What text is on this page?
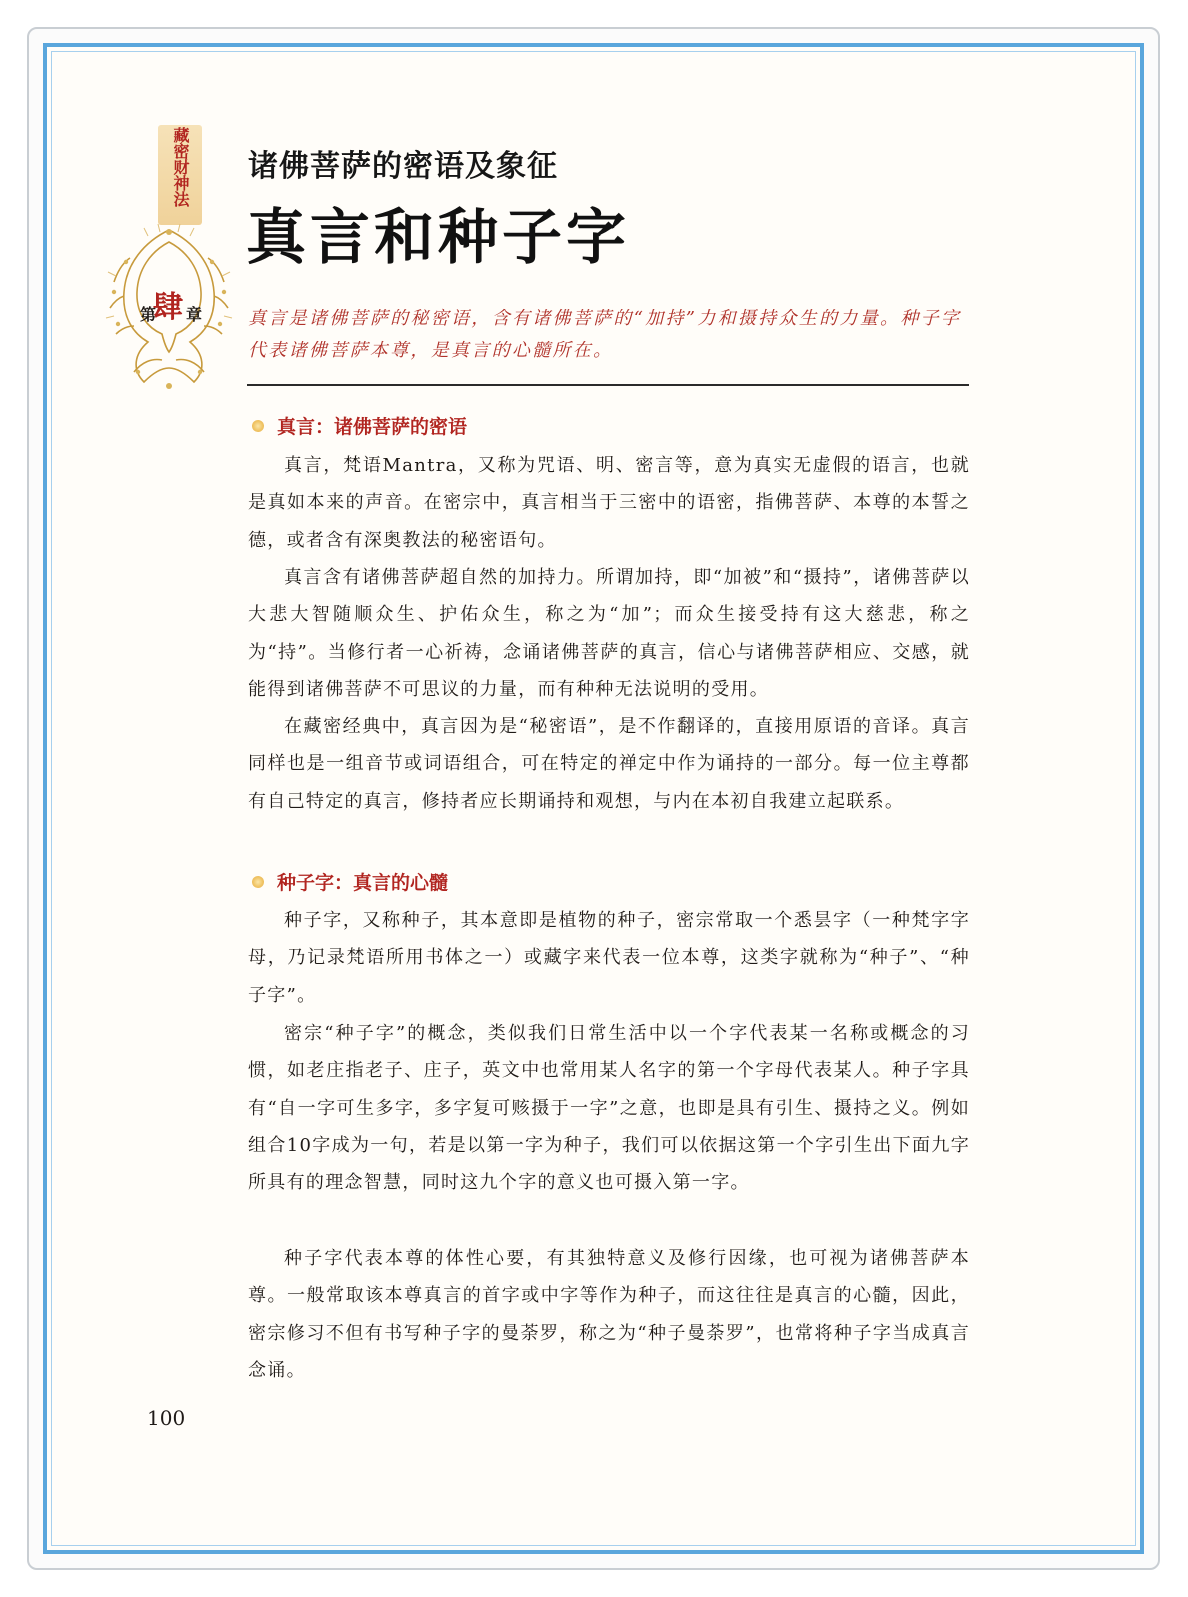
藏密财神法
第
肆 章
诸佛菩萨的密语及象征
真言和种子字

真言是诸佛菩萨的秘密语，含有诸佛菩萨的“加持”力和摄持众生的力量。种子字代表诸佛菩萨本尊，是真言的心髓所在。

真言：诸佛菩萨的密语

真言，梵语Mantra，又称为咒语、明、密言等，意为真实无虚假的语言，也就是真如本来的声音。在密宗中，真言相当于三密中的语密，指佛菩萨、本尊的本誓之德，或者含有深奥教法的秘密语句。

真言含有诸佛菩萨超自然的加持力。所谓加持，即“加被”和“摄持”，诸佛菩萨以大悲大智随顺众生、护佑众生，称之为“加”；而众生接受持有这大慈悲，称之为“持”。当修行者一心祈祷，念诵诸佛菩萨的真言，信心与诸佛菩萨相应、交感，就能得到诸佛菩萨不可思议的力量，而有种种无法说明的受用。

在藏密经典中，真言因为是“秘密语”，是不作翻译的，直接用原语的音译。真言同样也是一组音节或词语组合，可在特定的禅定中作为诵持的一部分。每一位主尊都有自己特定的真言，修持者应长期诵持和观想，与内在本初自我建立起联系。

种子字：真言的心髓

种子字，又称种子，其本意即是植物的种子，密宗常取一个悉昙字（一种梵字字母，乃记录梵语所用书体之一）或藏字来代表一位本尊，这类字就称为“种子”、“种子字”。

密宗“种子字”的概念，类似我们日常生活中以一个字代表某一名称或概念的习惯，如老庄指老子、庄子，英文中也常用某人名字的第一个字母代表某人。种子字具有“自一字可生多字，多字复可赅摄于一字”之意，也即是具有引生、摄持之义。例如组合10字成为一句，若是以第一字为种子，我们可以依据这第一个字引生出下面九字所具有的理念智慧，同时这九个字的意义也可摄入第一字。

种子字代表本尊的体性心要，有其独特意义及修行因缘，也可视为诸佛菩萨本尊。一般常取该本尊真言的首字或中字等作为种子，而这往往是真言的心髓，因此，密宗修习不但有书写种子字的曼荼罗，称之为“种子曼荼罗”，也常将种子字当成真言念诵。

100
